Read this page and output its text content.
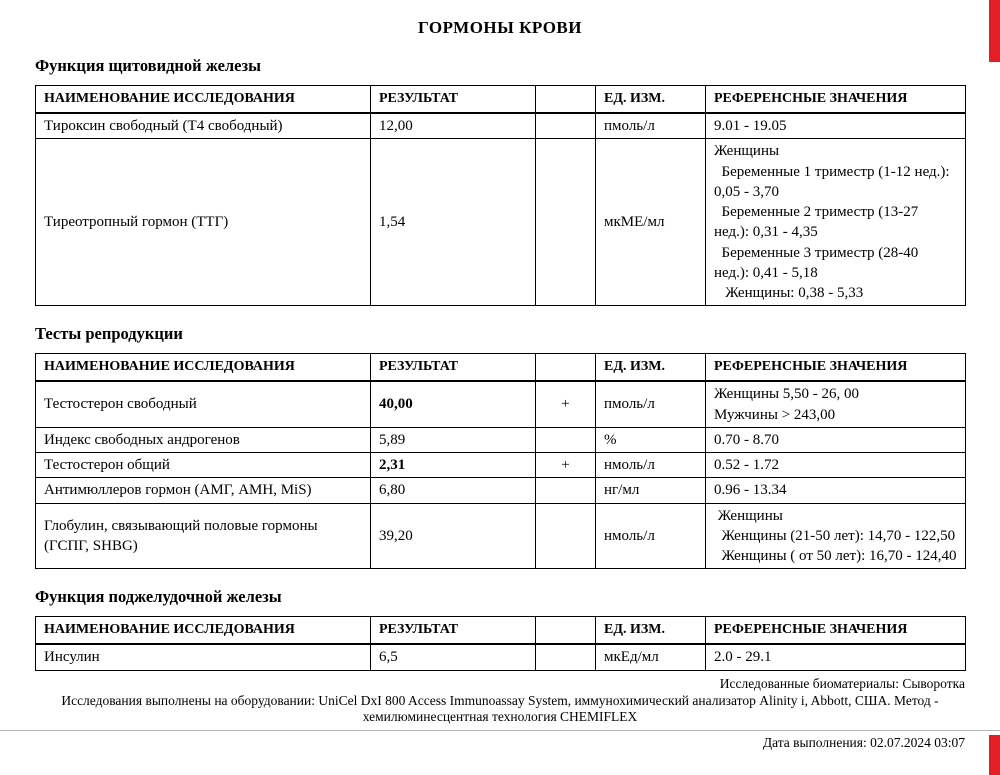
ГОРМОНЫ КРОВИ
Функция щитовидной железы
НАИМЕНОВАНИЕ ИССЛЕДОВАНИЯ	РЕЗУЛЬТАТ		ЕД. ИЗМ.	РЕФЕРЕНСНЫЕ ЗНАЧЕНИЯ
Тироксин свободный (Т4 свободный)	12,00		пмоль/л	9.01 - 19.05

Тиреотропный гормон (ТТГ)	1,54		мкМЕ/мл	Женщины
Беременные 1 триместр (1-12 нед.): 0,05 - 3,70
Беременные 2 триместр (13-27 нед.): 0,31 - 4,35
Беременные 3 триместр (28-40 нед.): 0,41 - 5,18
Женщины: 0,38 - 5,33
Тесты репродукции
НАИМЕНОВАНИЕ ИССЛЕДОВАНИЯ	РЕЗУЛЬТАТ		ЕД. ИЗМ.	РЕФЕРЕНСНЫЕ ЗНАЧЕНИЯ
Тестостерон свободный	40,00	+	пмоль/л	Женщины 5,50 - 26, 00
Мужчины > 243,00

Индекс свободных андрогенов	5,89		%	0.70 - 8.70

Тестостерон общий	2,31	+	нмоль/л	0.52 - 1.72

Антимюллеров гормон (АМГ, АМН, MiS)	6,80		нг/мл	0.96 - 13.34

Глобулин, связывающий половые гормоны (ГСПГ, SHBG)	39,20		нмоль/л	Женщины
Женщины (21-50 лет): 14,70 - 122,50
Женщины ( от 50 лет): 16,70 - 124,40
Функция поджелудочной железы
НАИМЕНОВАНИЕ ИССЛЕДОВАНИЯ	РЕЗУЛЬТАТ		ЕД. ИЗМ.	РЕФЕРЕНСНЫЕ ЗНАЧЕНИЯ
Инсулин	6,5		мкЕд/мл	2.0 - 29.1
Исследованные биоматериалы: Сыворотка
Исследования выполнены на оборудовании: UniCel DxI 800 Access Immunoassay System, иммунохимический анализатор Alinity i, Abbott, США. Метод - хемилюминесцентная технология CHEMIFLEX
Дата выполнения: 02.07.2024 03:07
